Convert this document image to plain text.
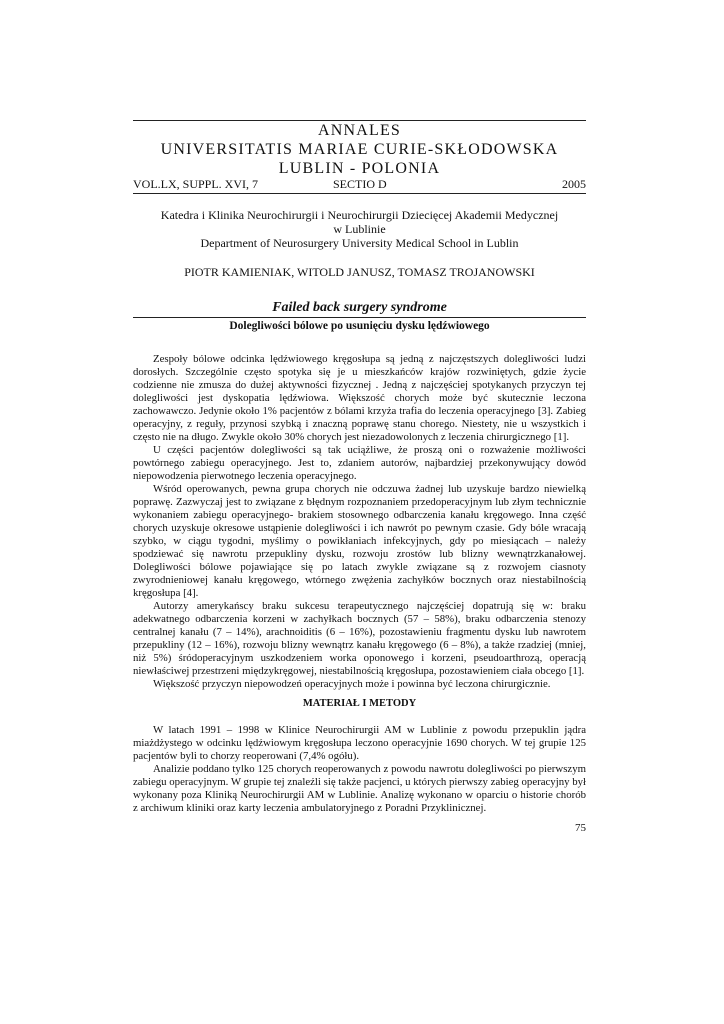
ANNALES
UNIVERSITATIS MARIAE CURIE-SKŁODOWSKA
LUBLIN - POLONIA
VOL.LX, SUPPL. XVI, 7	SECTIO D	2005
Katedra i Klinika Neurochirurgii i Neurochirurgii Dziecięcej Akademii Medycznej
w Lublinie
Department of Neurosurgery University Medical School in Lublin
PIOTR KAMIENIAK, WITOLD JANUSZ, TOMASZ TROJANOWSKI
Failed back surgery syndrome
Dolegliwości bólowe po usunięciu dysku lędźwiowego

Zespoły bólowe odcinka lędźwiowego kręgosłupa są jedną z najczęstszych dolegliwości ludzi dorosłych. Szczególnie często spotyka się je u mieszkańców krajów rozwiniętych, gdzie życie codzienne nie zmusza do dużej aktywności fizycznej . Jedną z najczęściej spotykanych przyczyn tej dolegliwości jest dyskopatia lędźwiowa. Większość chorych może być skutecznie leczona zachowawczo. Jedynie około 1% pacjentów z bólami krzyża trafia do leczenia operacyjnego [3]. Zabieg operacyjny, z reguły, przynosi szybką i znaczną poprawę stanu chorego. Niestety, nie u wszystkich i często nie na długo. Zwykle około 30% chorych jest niezadowolonych z leczenia chirurgicznego [1].

U części pacjentów dolegliwości są tak uciążliwe, że proszą oni o rozważenie możliwości powtórnego zabiegu operacyjnego. Jest to, zdaniem autorów, najbardziej przekonywujący dowód niepowodzenia pierwotnego leczenia operacyjnego.

Wśród operowanych, pewna grupa chorych nie odczuwa żadnej lub uzyskuje bardzo niewielką poprawę. Zazwyczaj jest to związane z błędnym rozpoznaniem przedoperacyjnym lub złym technicznie wykonaniem zabiegu operacyjnego- brakiem stosownego odbarczenia kanału kręgowego. Inna część chorych uzyskuje okresowe ustąpienie dolegliwości i ich nawrót po pewnym czasie. Gdy bóle wracają szybko, w ciągu tygodni, myślimy o powikłaniach infekcyjnych, gdy po miesiącach – należy spodziewać się nawrotu przepukliny dysku, rozwoju zrostów lub blizny wewnątrzkanałowej. Dolegliwości bólowe pojawiające się po latach zwykle związane są z rozwojem ciasnoty zwyrodnieniowej kanału kręgowego, wtórnego zwężenia zachyłków bocznych oraz niestabilnością kręgosłupa [4].

Autorzy amerykańscy braku sukcesu terapeutycznego najczęściej dopatrują się w: braku adekwatnego odbarczenia korzeni w zachyłkach bocznych (57 – 58%), braku odbarczenia stenozy centralnej kanału (7 – 14%), arachnoiditis (6 – 16%), pozostawieniu fragmentu dysku lub nawrotem przepukliny (12 – 16%), rozwoju blizny wewnątrz kanału kręgowego (6 – 8%), a także rzadziej (mniej, niż 5%) śródoperacyjnym uszkodzeniem worka oponowego i korzeni, pseudoarthrozą, operacją niewłaściwej przestrzeni międzykręgowej, niestabilnością kręgosłupa, pozostawieniem ciała obcego [1].

Większość przyczyn niepowodzeń operacyjnych może i powinna być leczona chirurgicznie.

MATERIAŁ I METODY

W latach 1991 – 1998 w Klinice Neurochirurgii AM w Lublinie z powodu przepuklin jądra miażdżystego w odcinku lędźwiowym kręgosłupa leczono operacyjnie 1690 chorych. W tej grupie 125 pacjentów byli to chorzy reoperowani (7,4% ogółu).

Analizie poddano tylko 125 chorych reoperowanych z powodu nawrotu dolegliwości po pierwszym zabiegu operacyjnym. W grupie tej znaleźli się także pacjenci, u których pierwszy zabieg operacyjny był wykonany poza Kliniką Neurochirurgii AM w Lublinie. Analizę wykonano w oparciu o historie chorób z archiwum kliniki oraz karty leczenia ambulatoryjnego z Poradni Przyklinicznej.

75
